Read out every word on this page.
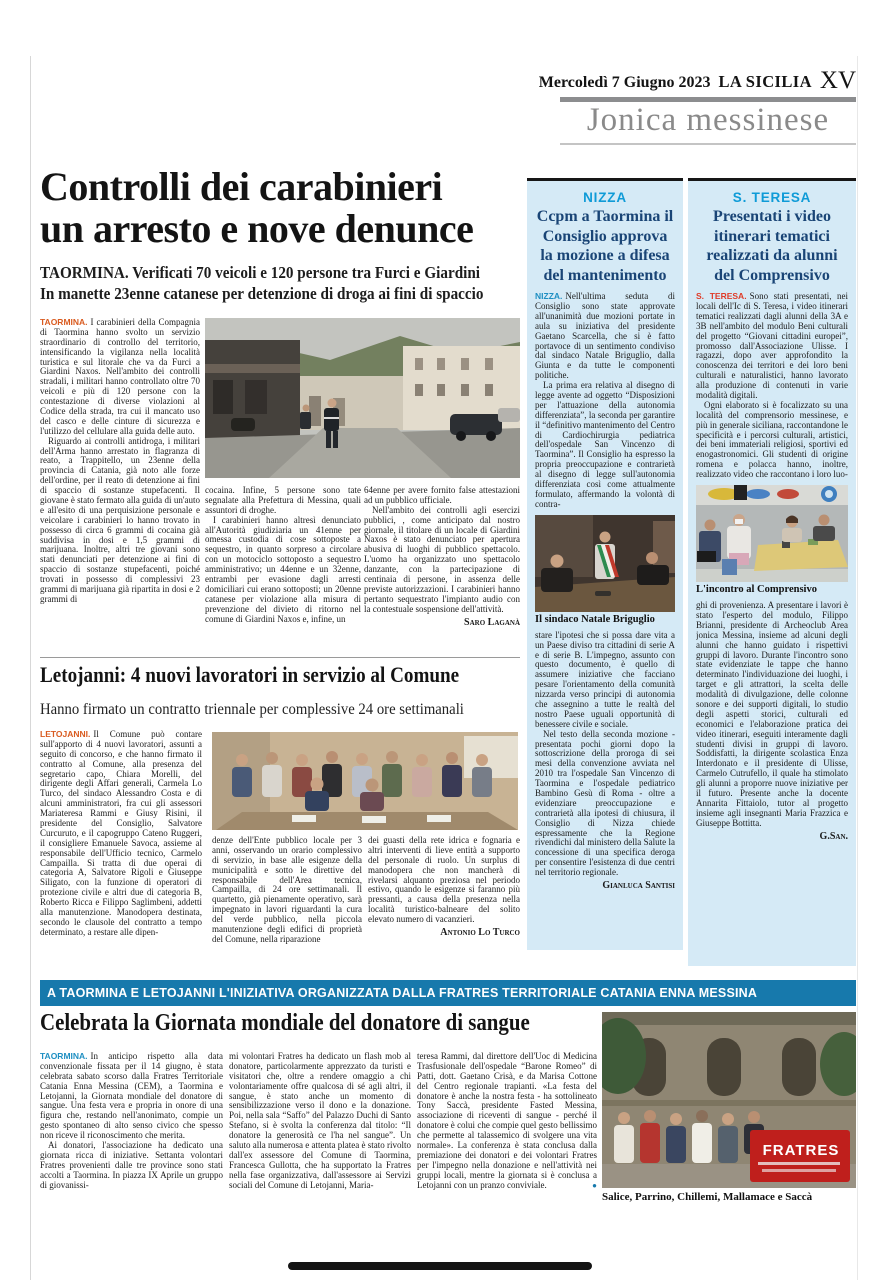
Mercoledì 7 Giugno 2023 LA SICILIA XV
Jonica messinese
Controlli dei carabinieri
un arresto e nove denunce
TAORMINA. Verificati 70 veicoli e 120 persone tra Furci e Giardini
In manette 23enne catanese per detenzione di droga ai fini di spaccio

TAORMINA. I carabinieri della Compagnia di Taormina hanno svolto un servizio straordinario di controllo del territorio, intensificando la vigilanza nella località turistica e sul litorale che va da Furci a Giardini Naxos. Nell'ambito dei controlli stradali, i militari hanno controllato oltre 70 veicoli e più di 120 persone con la contestazione di diverse violazioni al Codice della strada, tra cui il mancato uso del casco e delle cinture di sicurezza e l'utilizzo del cellulare alla guida delle auto.

Riguardo ai controlli antidroga, i militari dell'Arma hanno arrestato in flagranza di reato, a Trappitello, un 23enne della provincia di Catania, già noto alle forze dell'ordine, per il reato di detenzione ai fini di spaccio di sostanze stupefacenti. Il giovane è stato fermato alla guida di un'auto e all'esito di una perquisizione personale e veicolare i carabinieri lo hanno trovato in possesso di circa 6 grammi di cocaina già suddivisa in dosi e 1,5 grammi di marijuana. Inoltre, altri tre giovani sono stati denunciati per detenzione ai fini di spaccio di sostanze stupefacenti, poiché trovati in possesso di complessivi 23 grammi di marijuana già ripartita in dosi e 2 grammi di

cocaina. Infine, 5 persone sono tate segnalate alla Prefettura di Messina, quali assuntori di droghe.

I carabinieri hanno altresì denunciato all'Autorità giudiziaria un 41enne per omessa custodia di cose sottoposte a sequestro, in quanto sorpreso a circolare con un motociclo sottoposto a sequestro amministrativo; un 44enne e un 32enne, entrambi per evasione dagli arresti domiciliari cui erano sottoposti; un 20enne catanese per violazione alla misura di prevenzione del divieto di ritorno nel comune di Giardini Naxos e, infine, un

64enne per avere fornito false attestazioni ad un pubblico ufficiale.

Nell'ambito dei controlli agli esercizi pubblici, , come anticipato dal nostro giornale, il titolare di un locale di Giardini Naxos è stato denunciato per apertura abusiva di luoghi di pubblico spettacolo. L'uomo ha organizzato uno spettacolo danzante, con la partecipazione di centinaia di persone, in assenza delle previste autorizzazioni. I carabinieri hanno pertanto sequestrato l'impianto audio con la contestuale sospensione dell'attività.

Saro Laganà
NIZZA
Ccpm a Taormina il Consiglio approva la mozione a difesa del mantenimento

NIZZA. Nell'ultima seduta di Consiglio sono state approvate all'unanimità due mozioni portate in aula su iniziativa del presidente Gaetano Scarcella, che si è fatto portavoce di un sentimento condiviso dal sindaco Natale Briguglio, dalla Giunta e da tutte le componenti politiche.

La prima era relativa al disegno di legge avente ad oggetto “Disposizioni per l'attuazione della autonomia differenziata”, la seconda per garantire il “definitivo mantenimento del Centro di Cardiochirurgia pediatrica dell'ospedale San Vincenzo di Taormina”. Il Consiglio ha espresso la propria preoccupazione e contrarietà al disegno di legge sull'autonomia differenziata così come attualmente formulato, affermando la volontà di contra-

Il sindaco Natale Briguglio

stare l'ipotesi che si possa dare vita a un Paese diviso tra cittadini di serie A e di serie B. L'impegno, assunto con questo documento, è quello di assumere iniziative che facciano pesare l'orientamento della comunità nizzarda verso principi di autonomia che assegnino a tutte le realtà del nostro Paese uguali opportunità di benessere civile e sociale.

Nel testo della seconda mozione - presentata pochi giorni dopo la sottoscrizione della proroga di sei mesi della convenzione avviata nel 2010 tra l'ospedale San Vincenzo di Taormina e l'ospedale pediatrico Bambino Gesù di Roma - oltre a evidenziare preoccupazione e contrarietà alla ipotesi di chiusura, il Consiglio di Nizza chiede espressamente che la Regione rivendichi dal ministero della Salute la concessione di una specifica deroga per consentire l'esistenza di due centri nel territorio regionale.

Gianluca Santisi
S. TERESA
Presentati i video itinerari tematici realizzati da alunni del Comprensivo

S. TERESA. Sono stati presentati, nei locali dell'Ic di S. Teresa, i video itinerari tematici realizzati dagli alunni della 3A e 3B nell'ambito del modulo Beni culturali del progetto “Giovani cittadini europei”, promosso dall'Associazione Ulisse. I ragazzi, dopo aver approfondito la conoscenza dei territori e dei loro beni culturali e naturalistici, hanno lavorato alla produzione di contenuti in varie modalità digitali.

Ogni elaborato si è focalizzato su una località del comprensorio messinese, e più in generale siciliana, raccontandone le specificità e i percorsi culturali, artistici, dei beni immateriali religiosi, sportivi ed enogastronomici. Gli studenti di origine romena e polacca hanno, inoltre, realizzato video che raccontano i loro luo-

L'incontro al Comprensivo

ghi di provenienza. A presentare i lavori è stato l'esperto del modulo, Filippo Brianni, presidente di Archeoclub Area jonica Messina, insieme ad alcuni degli alunni che hanno guidato i rispettivi gruppi di lavoro. Durante l'incontro sono state evidenziate le tappe che hanno determinato l'individuazione dei luoghi, i target e gli attrattori, la scelta delle modalità di divulgazione, delle colonne sonore e dei supporti digitali, lo studio degli aspetti storici, culturali ed economici e l'elaborazione pratica dei video itinerari, eseguiti interamente dagli studenti divisi in gruppi di lavoro. Soddisfatti, la dirigente scolastica Enza Interdonato e il presidente di Ulisse, Carmelo Cutrufello, il quale ha stimolato gli alunni a proporre nuove iniziative per il futuro. Presente anche la docente Annarita Fittaiolo, tutor al progetto insieme agli insegnanti Maria Frazzica e Giuseppe Bottitta.

G.San.
Letojanni: 4 nuovi lavoratori in servizio al Comune
Hanno firmato un contratto triennale per complessive 24 ore settimanali

LETOJANNI. Il Comune può contare sull'apporto di 4 nuovi lavoratori, assunti a seguito di concorso, e che hanno firmato il contratto al Comune, alla presenza del segretario capo, Chiara Morelli, del dirigente degli Affari generali, Carmela Lo Turco, del sindaco Alessandro Costa e di alcuni amministratori, fra cui gli assessori Mariateresa Rammi e Giusy Risini, il presidente del Consiglio, Salvatore Curcuruto, e il capogruppo Cateno Ruggeri, il consigliere Emanuele Savoca, assieme al responsabile dell'Ufficio tecnico, Carmelo Campailla. Si tratta di due operai di categoria A, Salvatore Rigoli e Giuseppe Siligato, con la funzione di operatori di protezione civile e altri due di categoria B, Roberto Ricca e Filippo Saglimbeni, addetti alla manutenzione. Manodopera destinata, secondo le clausole del contratto a tempo determinato, a restare alle dipen-

denze dell'Ente pubblico locale per 3 anni, osservando un orario complessivo di servizio, in base alle esigenze della municipalità e sotto le direttive del responsabile dell'Area tecnica, Campailla, di 24 ore settimanali. Il quartetto, già pienamente operativo, sarà impegnato in lavori riguardanti la cura del verde pubblico, nella piccola manutenzione degli edifici di proprietà del Comune, nella riparazione

dei guasti della rete idrica e fognaria e altri interventi di lieve entità a supporto del personale di ruolo. Un surplus di manodopera che non mancherà di rivelarsi alquanto preziosa nel periodo estivo, quando le esigenze si faranno più pressanti, a causa della presenza nella località turistico-balneare del solito elevato numero di vacanzieri.

Antonio Lo Turco
A TAORMINA E LETOJANNI L'INIZIATIVA ORGANIZZATA DALLA FRATRES TERRITORIALE CATANIA ENNA MESSINA
Celebrata la Giornata mondiale del donatore di sangue

TAORMINA. In anticipo rispetto alla data convenzionale fissata per il 14 giugno, è stata celebrata sabato scorso dalla Fratres Territoriale Catania Enna Messina (CEM), a Taormina e Letojanni, la Giornata mondiale del donatore di sangue. Una festa vera e propria in onore di una figura che, restando nell'anonimato, compie un gesto spontaneo di alto senso civico che spesso non riceve il riconoscimento che merita.

Ai donatori, l'associazione ha dedicato una giornata ricca di iniziative. Settanta volontari Fratres provenienti dalle tre province sono stati accolti a Taormina. In piazza IX Aprile un gruppo di giovanissi-

mi volontari Fratres ha dedicato un flash mob al donatore, particolarmente apprezzato da turisti e visitatori che, oltre a rendere omaggio a chi volontariamente offre qualcosa di sé agli altri, il sangue, è stato anche un momento di sensibilizzazione verso il dono e la donazione. Poi, nella sala “Saffo” del Palazzo Duchi di Santo Stefano, si è svolta la conferenza dal titolo: “Il donatore la generosità ce l'ha nel sangue”. Un saluto alla numerosa e attenta platea è stato rivolto dall'ex assessore del Comune di Taormina, Francesca Gullotta, che ha supportato la Fratres nella fase organizzativa, dall'assessore ai Servizi sociali del Comune di Letojanni, Maria-

teresa Rammi, dal direttore dell'Uoc di Medicina Trasfusionale dell'ospedale “Barone Romeo” di Patti, dott. Gaetano Crisà, e da Marisa Cottone del Centro regionale trapianti. «La festa del donatore è anche la nostra festa - ha sottolineato Tony Saccà, presidente Fasted Messina, associazione di riceventi di sangue - perché il donatore è colui che compie quel gesto bellissimo che permette al talassemico di svolgere una vita normale». La conferenza è stata conclusa dalla premiazione dei donatori e dei volontari Fratres per l'impegno nella donazione e nell'attività nei gruppi locali, mentre la giornata si è conclusa a Letojanni con un pranzo conviviale.	●

FRATRES
Salice, Parrino, Chillemi, Mallamace e Saccà
